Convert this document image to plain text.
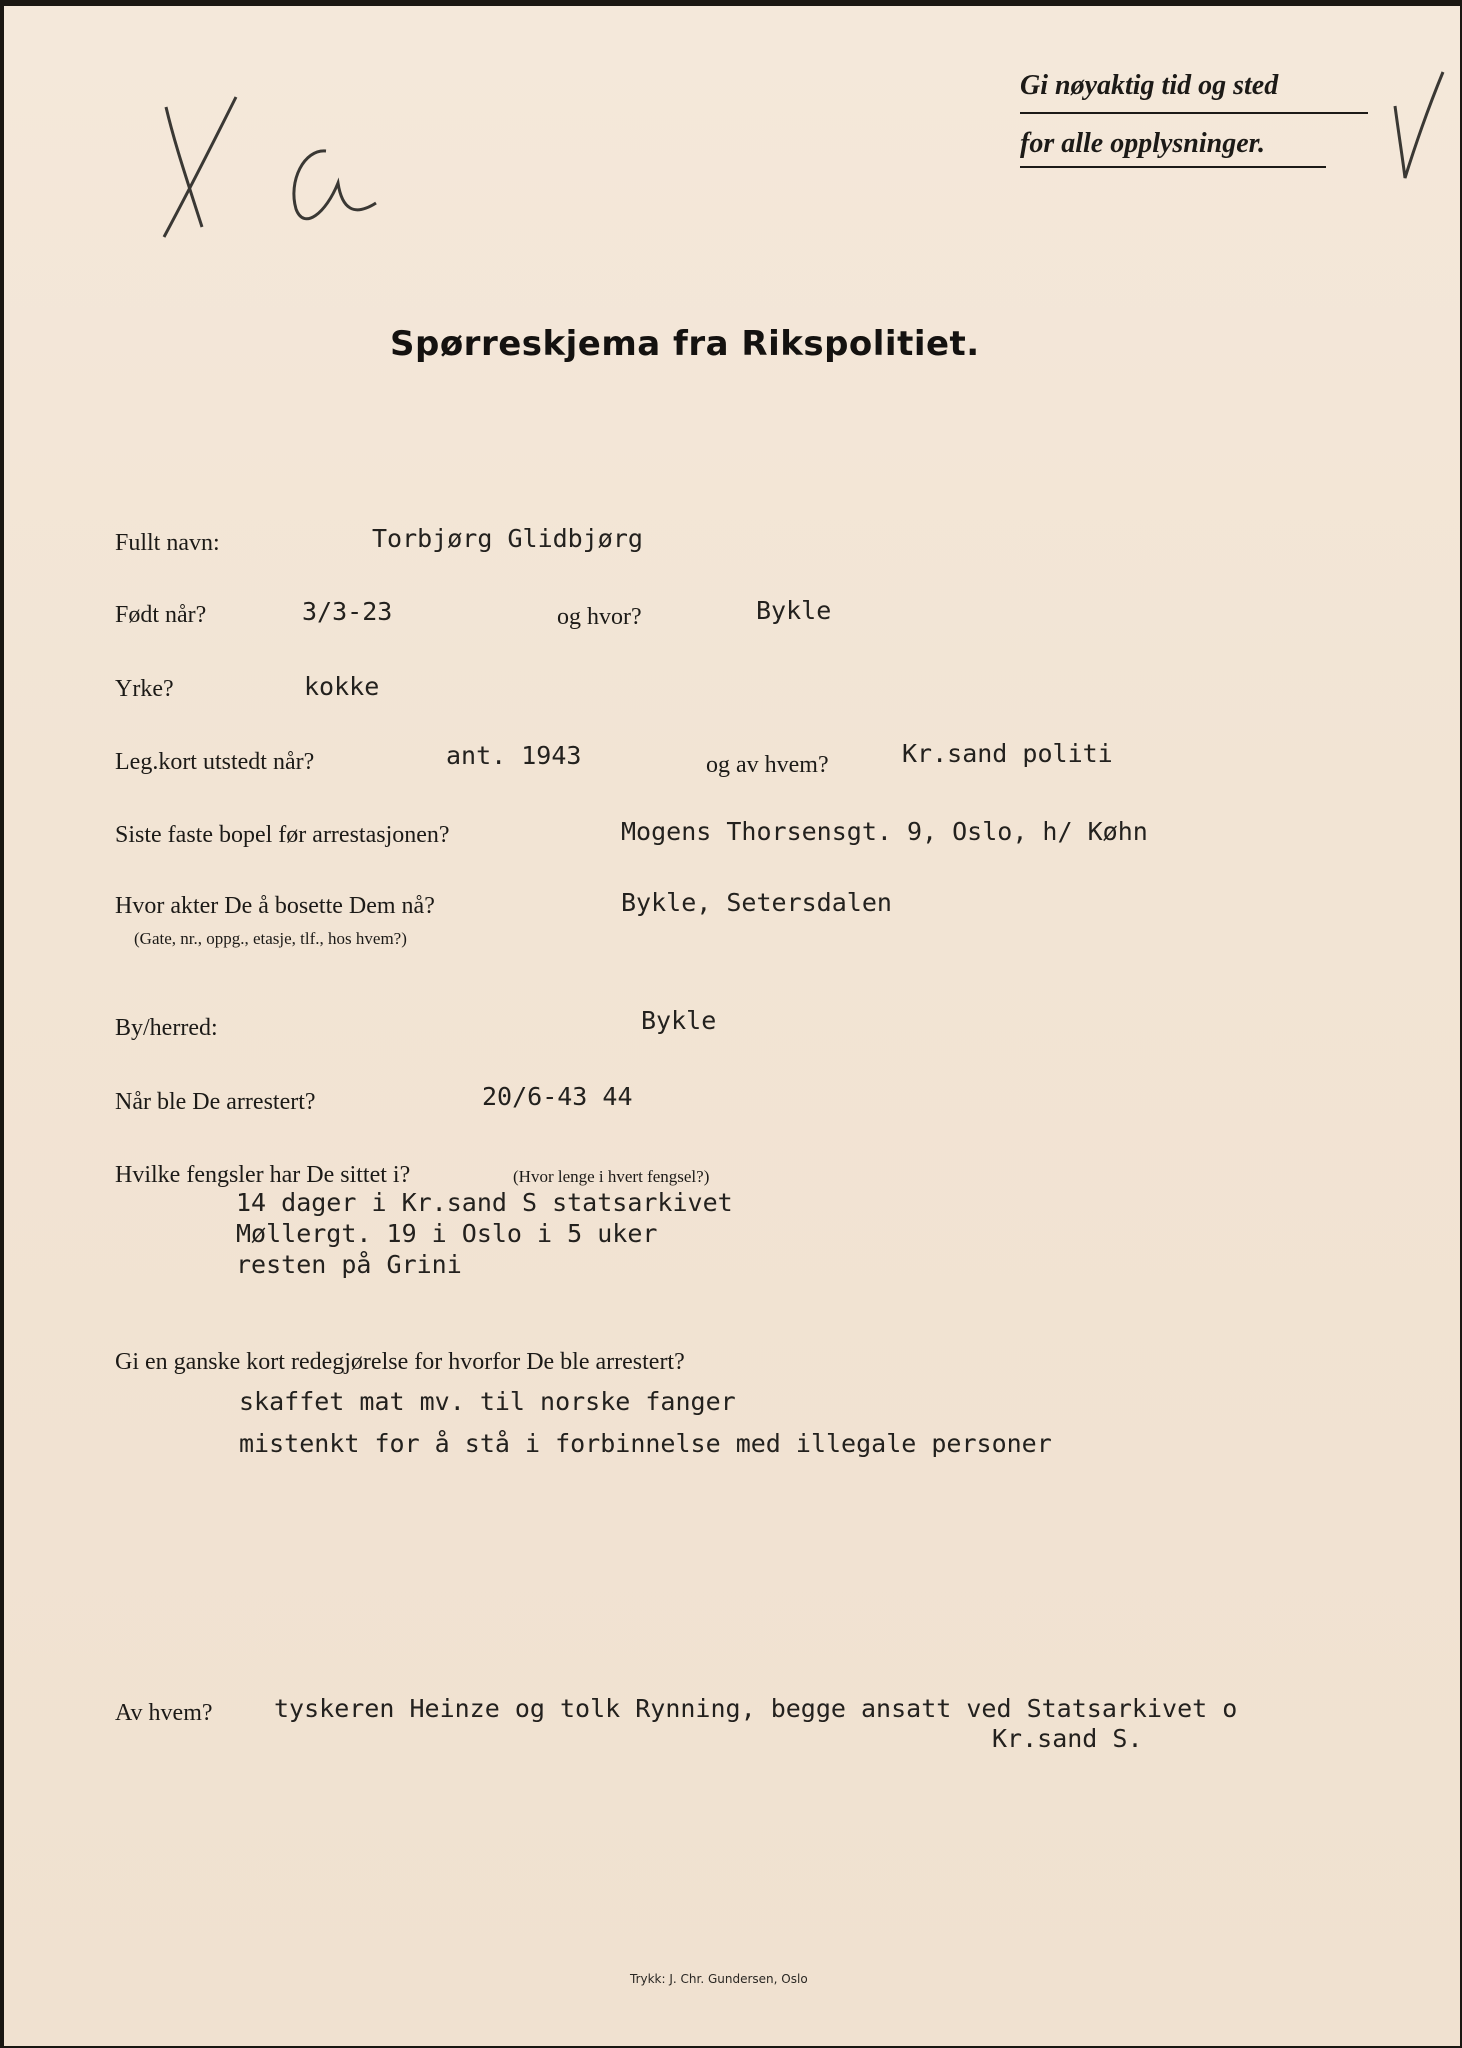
Gi nøyaktig tid og sted
for alle opplysninger.
Spørreskjema fra Rikspolitiet.
Fullt navn:	Torbjørg Glidbjørg
Født når?	3/3-23	og hvor?	Bykle
Yrke?	kokke
Leg.kort utstedt når?	ant. 1943	og av hvem?	Kr.sand politi
Siste faste bopel før arrestasjonen?	Mogens Thorsensgt. 9, Oslo, h/ Køhn
Hvor akter De å bosette Dem nå?
(Gate, nr., oppg., etasje, tlf., hos hvem?)
Bykle, Setersdalen
By/herred:	Bykle
Når ble De arrestert?	20/6-43 44
Hvilke fengsler har De sittet i?	(Hvor lenge i hvert fengsel?)
14 dager i Kr.sand S statsarkivet
Møllergt. 19 i Oslo i 5 uker
resten på Grini
Gi en ganske kort redegjørelse for hvorfor De ble arrestert?
skaffet mat mv. til norske fanger
mistenkt for å stå i forbinnelse med illegale personer
Av hvem? tyskeren Heinze og tolk Rynning, begge ansatt ved Statsarkivet o
Kr.sand S.
Trykk: J. Chr. Gundersen, Oslo
